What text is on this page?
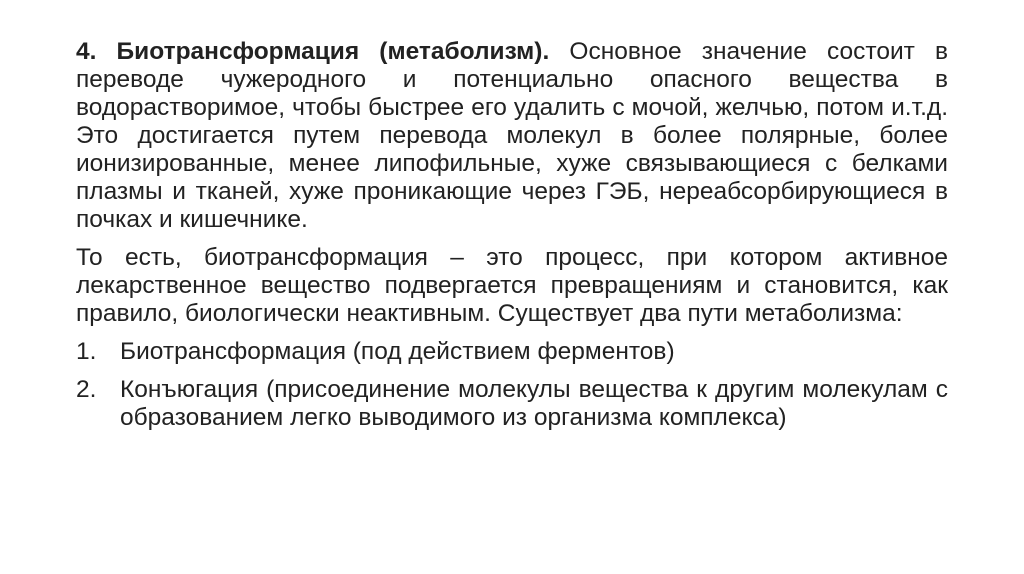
4. Биотрансформация (метаболизм). Основное значение состоит в переводе чужеродного и потенциально опасного вещества в водорастворимое, чтобы быстрее его удалить с мочой, желчью, потом и.т.д. Это достигается путем перевода молекул в более полярные, более ионизированные, менее липофильные, хуже связывающиеся с белками плазмы и тканей, хуже проникающие через ГЭБ, нереабсорбирующиеся в почках и кишечнике.

То есть, биотрансформация – это процесс, при котором активное лекарственное вещество подвергается превращениям и становится, как правило, биологически неактивным. Существует два пути метаболизма:

1. Биотрансформация (под действием ферментов)
2. Конъюгация (присоединение молекулы вещества к другим молекулам с образованием легко выводимого из организма комплекса)
